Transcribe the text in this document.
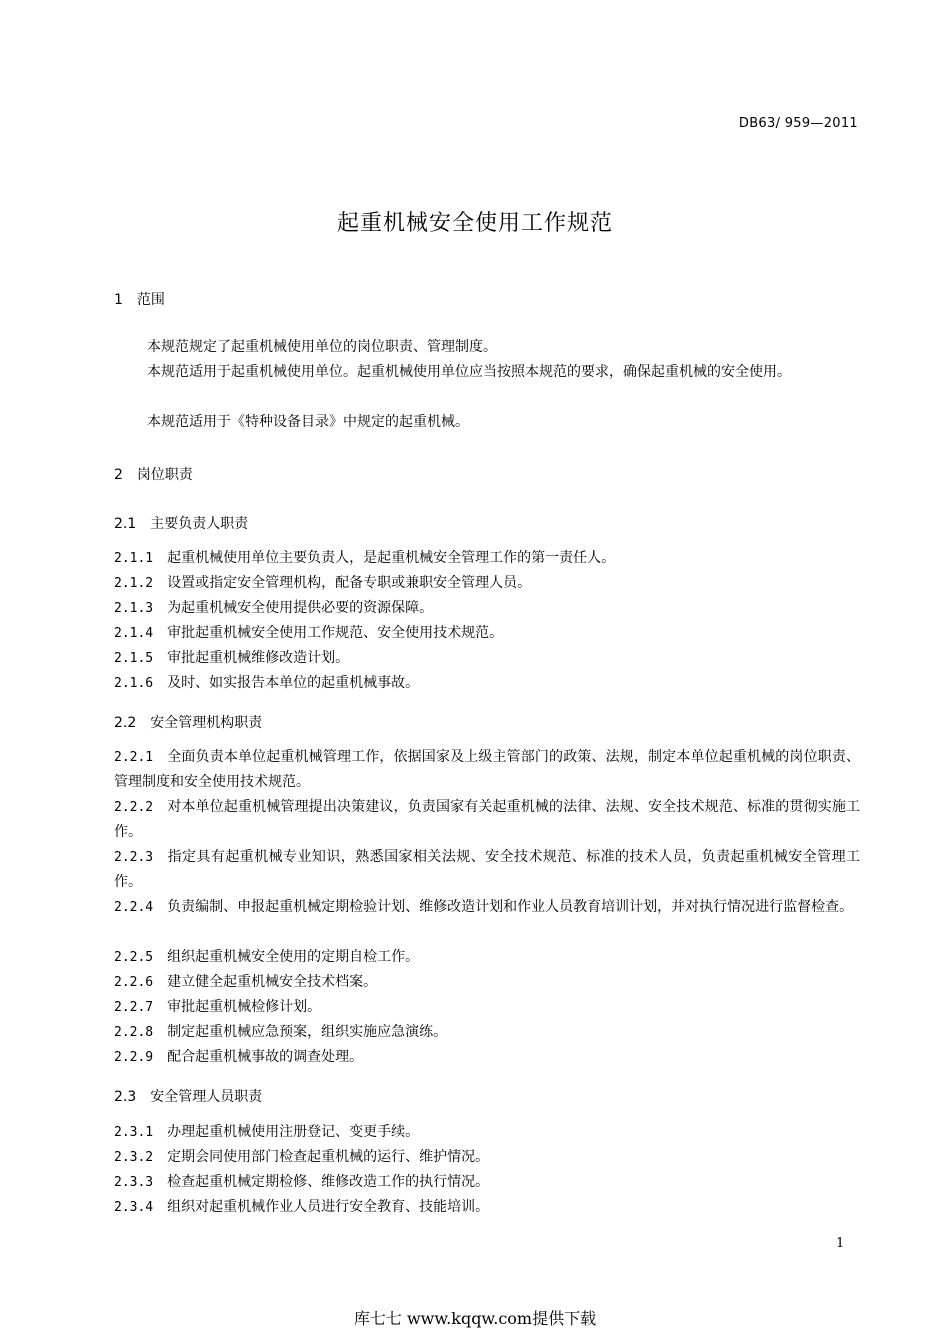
DB63/ 959—2011
起重机械安全使用工作规范
1 范围
本规范规定了起重机械使用单位的岗位职责、管理制度。
本规范适用于起重机械使用单位。起重机械使用单位应当按照本规范的要求，确保起重机械的安全使用。
本规范适用于《特种设备目录》中规定的起重机械。
2 岗位职责
2.1 主要负责人职责
2.1.1 起重机械使用单位主要负责人，是起重机械安全管理工作的第一责任人。
2.1.2 设置或指定安全管理机构，配备专职或兼职安全管理人员。
2.1.3 为起重机械安全使用提供必要的资源保障。
2.1.4 审批起重机械安全使用工作规范、安全使用技术规范。
2.1.5 审批起重机械维修改造计划。
2.1.6 及时、如实报告本单位的起重机械事故。
2.2 安全管理机构职责
2.2.1 全面负责本单位起重机械管理工作，依据国家及上级主管部门的政策、法规，制定本单位起重机械的岗位职责、管理制度和安全使用技术规范。
2.2.2 对本单位起重机械管理提出决策建议，负责国家有关起重机械的法律、法规、安全技术规范、标准的贯彻实施工作。
2.2.3 指定具有起重机械专业知识，熟悉国家相关法规、安全技术规范、标准的技术人员，负责起重机械安全管理工作。
2.2.4 负责编制、申报起重机械定期检验计划、维修改造计划和作业人员教育培训计划，并对执行情况进行监督检查。
2.2.5 组织起重机械安全使用的定期自检工作。
2.2.6 建立健全起重机械安全技术档案。
2.2.7 审批起重机械检修计划。
2.2.8 制定起重机械应急预案，组织实施应急演练。
2.2.9 配合起重机械事故的调查处理。
2.3 安全管理人员职责
2.3.1 办理起重机械使用注册登记、变更手续。
2.3.2 定期会同使用部门检查起重机械的运行、维护情况。
2.3.3 检查起重机械定期检修、维修改造工作的执行情况。
2.3.4 组织对起重机械作业人员进行安全教育、技能培训。
1
库七七 www.kqqw.com提供下载
